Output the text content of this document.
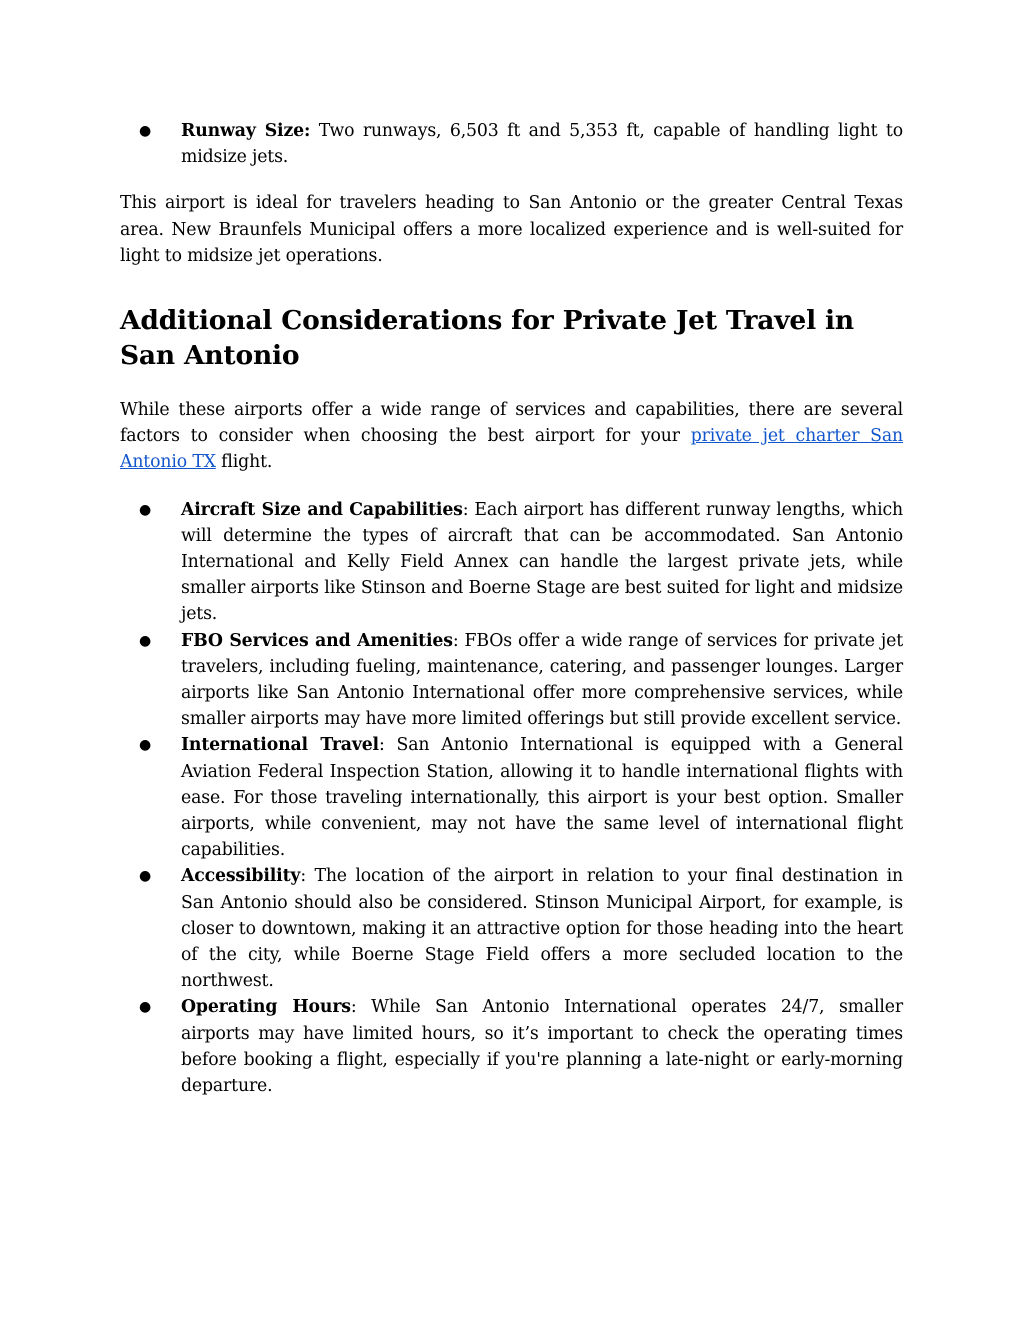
● Runway Size: Two runways, 6,503 ft and 5,353 ft, capable of handling light to midsize jets.

This airport is ideal for travelers heading to San Antonio or the greater Central Texas area. New Braunfels Municipal offers a more localized experience and is well-suited for light to midsize jet operations.

Additional Considerations for Private Jet Travel in San Antonio

While these airports offer a wide range of services and capabilities, there are several factors to consider when choosing the best airport for your private jet charter San Antonio TX flight.

● Aircraft Size and Capabilities: Each airport has different runway lengths, which will determine the types of aircraft that can be accommodated. San Antonio International and Kelly Field Annex can handle the largest private jets, while smaller airports like Stinson and Boerne Stage are best suited for light and midsize jets.
● FBO Services and Amenities: FBOs offer a wide range of services for private jet travelers, including fueling, maintenance, catering, and passenger lounges. Larger airports like San Antonio International offer more comprehensive services, while smaller airports may have more limited offerings but still provide excellent service.
● International Travel: San Antonio International is equipped with a General Aviation Federal Inspection Station, allowing it to handle international flights with ease. For those traveling internationally, this airport is your best option. Smaller airports, while convenient, may not have the same level of international flight capabilities.
● Accessibility: The location of the airport in relation to your final destination in San Antonio should also be considered. Stinson Municipal Airport, for example, is closer to downtown, making it an attractive option for those heading into the heart of the city, while Boerne Stage Field offers a more secluded location to the northwest.
● Operating Hours: While San Antonio International operates 24/7, smaller airports may have limited hours, so it’s important to check the operating times before booking a flight, especially if you're planning a late-night or early-morning departure.
